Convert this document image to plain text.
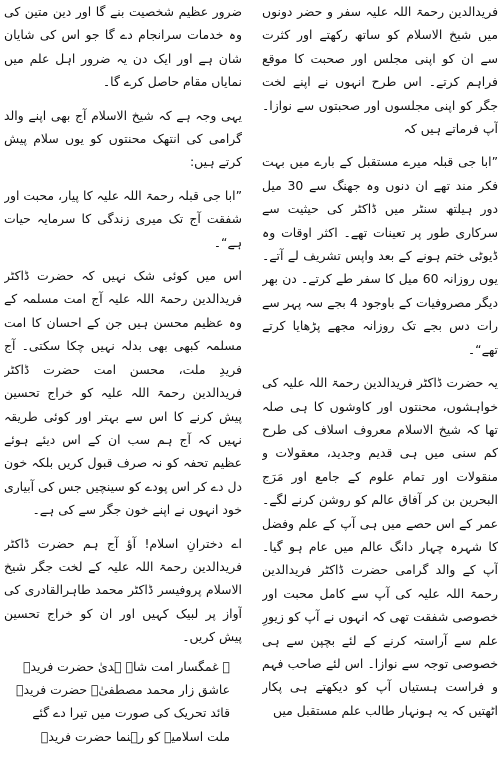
فریدالدین رحمۃ اللہ علیہ سفر و حضر دونوں میں شیخ الاسلام کو ساتھ رکھتے اور کثرت سے ان کو اپنی مجلس اور صحبت کا موقع فراہم کرتے۔ اس طرح انہوں نے اپنے لخت جگر کو اپنی مجلسوں اور صحبتوں سے نوازا۔ آپ فرماتے ہیں کہ

”ابا جی قبلہ میرے مستقبل کے بارے میں بہت فکر مند تھے ان دنوں وہ جھنگ سے 30 میل دور ہیلتھ سنٹر میں ڈاکٹر کی حیثیت سے سرکاری طور پر تعینات تھے۔ اکثر اوقات وہ ڈیوٹی ختم ہونے کے بعد واپس تشریف لے آتے۔ یوں روزانہ 60 میل کا سفر طے کرتے۔ دن بھر دیگر مصروفیات کے باوجود 4 بجے سہ پہر سے رات دس بجے تک روزانہ مجھے پڑھایا کرتے تھے“۔

یہ حضرت ڈاکٹر فریدالدین رحمۃ اللہ علیہ کی خواہشوں، محنتوں اور کاوشوں کا ہی صلہ تھا کہ شیخ الاسلام معروف اسلاف کی طرح کم سنی میں ہی قدیم وجدید، معقولات و منقولات اور تمام علوم کے جامع اور مَرَج البحرین بن کر آفاق عالم کو روشن کرنے لگے۔ عمر کے اس حصے میں ہی آپ کے علم وفضل کا شہرہ چہار دانگ عالم میں عام ہو گیا۔ آپ کے والد گرامی حضرت ڈاکٹر فریدالدین رحمۃ اللہ علیہ کی آپ سے کامل محبت اور خصوصی شفقت تھی کہ انہوں نے آپ کو زیورِ علم سے آراستہ کرنے کے لئے بچپن سے ہی خصوصی توجہ سے نوازا۔ اس لئے صاحب فہم و فراست ہستیاں آپ کو دیکھتے ہی پکار اٹھتیں کہ یہ ہونہار طالب علم مستقبل میں

ضرور عظیم شخصیت بنے گا اور دین متین کی وہ خدمات سرانجام دے گا جو اس کی شایان شان ہے اور ایک دن یہ ضرور اہل علم میں نمایاں مقام حاصل کرے گا۔

یہی وجہ ہے کہ شیخ الاسلام آج بھی اپنے والد گرامی کی انتھک محنتوں کو یوں سلام پیش کرتے ہیں:

”ابا جی قبلہ رحمۃ اللہ علیہ کا پیار، محبت اور شفقت آج تک میری زندگی کا سرمایہ حیات ہے“۔

اس میں کوئی شک نہیں کہ حضرت ڈاکٹر فریدالدین رحمۃ اللہ علیہ آج امت مسلمہ کے وہ عظیم محسن ہیں جن کے احسان کا امت مسلمہ کبھی بھی بدلہ نہیں چکا سکتی۔ آج فریدِ ملت، محسن امت حضرت ڈاکٹر فریدالدین رحمۃ اللہ علیہ کو خراج تحسین پیش کرنے کا اس سے بہتر اور کوئی طریقہ نہیں کہ آج ہم سب ان کے اس دیئے ہوئے عظیم تحفہ کو نہ صرف قبول کریں بلکہ خون دل دے کر اس پودے کو سینچیں جس کی آبیاری خود انہوں نے اپنے خون جگر سے کی ہے۔

اے دخترانِ اسلام! آؤ آج ہم حضرت ڈاکٹر فریدالدین رحمۃ اللہ علیہ کے لخت جگر شیخ الاسلام پروفیسر ڈاکٹر محمد طاہرالقادری کی آواز پر لبیک کہیں اور ان کو خراج تحسین پیش کریں۔

؎ غمگسار امت شاہ ہدیٰ حضرت فریدؒ
عاشق زار محمد مصطفیٰؐ حضرت فریدؒ
قائد تحریک کی صورت میں تیرا دے گئے
ملت اسلامیہ کو رہنما حضرت فریدؒ
